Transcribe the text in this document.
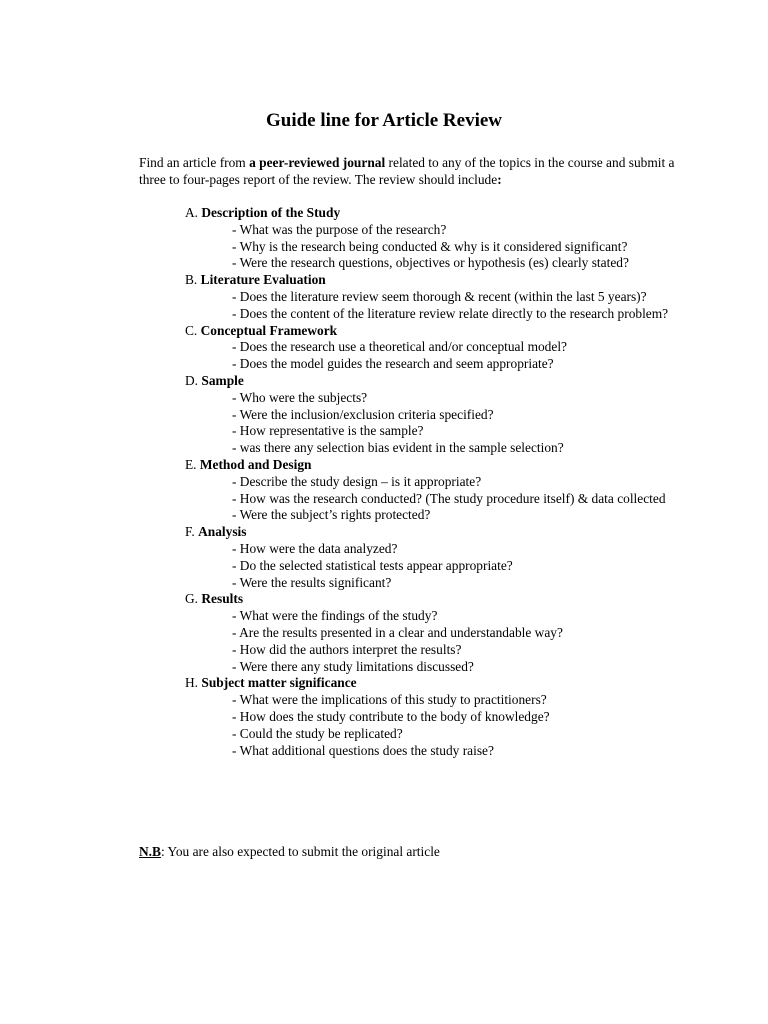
Guide line for Article Review

Find an article from a peer-reviewed journal related to any of the topics in the course and submit a three to four-pages report of the review. The review should include:

A. Description of the Study

- What was the purpose of the research?

- Why is the research being conducted & why is it considered significant?

- Were the research questions, objectives or hypothesis (es) clearly stated?

B. Literature Evaluation

- Does the literature review seem thorough & recent (within the last 5 years)?

- Does the content of the literature review relate directly to the research problem?

C. Conceptual Framework

- Does the research use a theoretical and/or conceptual model?

- Does the model guides the research and seem appropriate?

D. Sample

- Who were the subjects?

- Were the inclusion/exclusion criteria specified?

- How representative is the sample?

- was there any selection bias evident in the sample selection?

E. Method and Design

- Describe the study design – is it appropriate?

- How was the research conducted? (The study procedure itself) & data collected

- Were the subject’s rights protected?

F. Analysis

- How were the data analyzed?

- Do the selected statistical tests appear appropriate?

- Were the results significant?

G. Results

- What were the findings of the study?

- Are the results presented in a clear and understandable way?

- How did the authors interpret the results?

- Were there any study limitations discussed?

H. Subject matter significance

- What were the implications of this study to practitioners?

- How does the study contribute to the body of knowledge?

- Could the study be replicated?

- What additional questions does the study raise?

N.B: You are also expected to submit the original article
